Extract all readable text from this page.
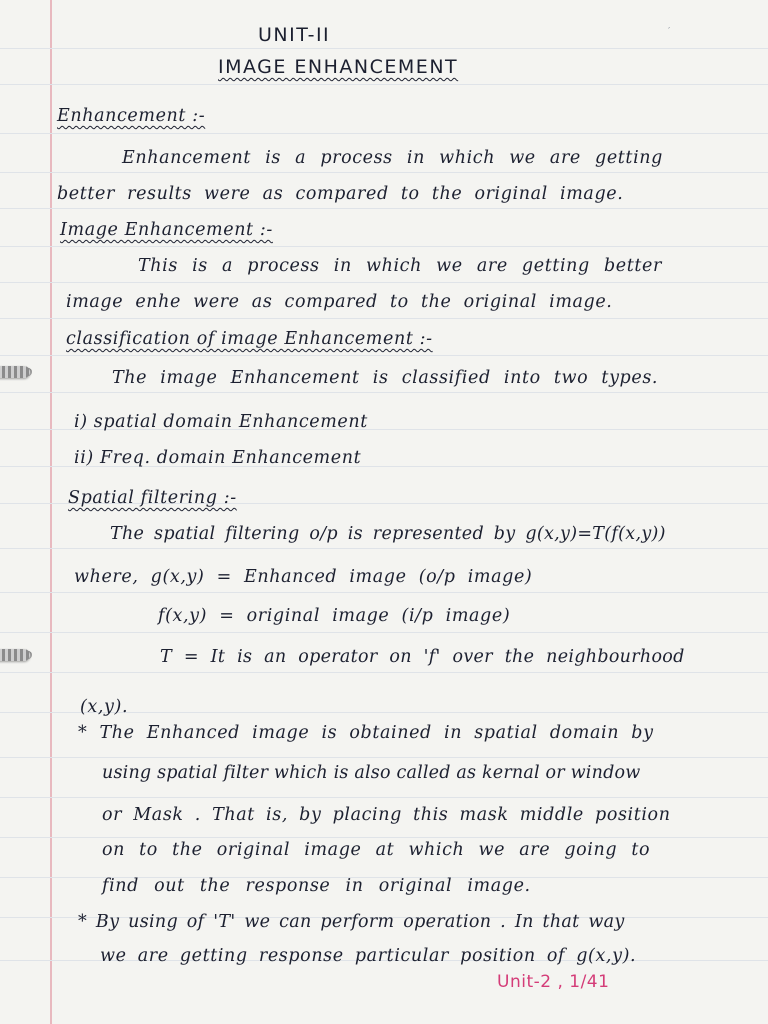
′
UNIT-II
IMAGE ENHANCEMENT
Enhancement :-
Enhancement is a process in which we are getting
better results were as compared to the original image.
Image Enhancement :-
This is a process in which we are getting better
image enhe were as compared to the original image.
classification of image Enhancement :-
The image Enhancement is classified into two types.
i) spatial domain Enhancement
ii) Freq. domain Enhancement
Spatial filtering :-
The spatial filtering o/p is represented by g(x,y)=T(f(x,y))
where, g(x,y) = Enhanced image (o/p image)
f(x,y) = original image (i/p image)
T = It is an operator on 'f' over the neighbourhood
(x,y).
* The Enhanced image is obtained in spatial domain by
using spatial filter which is also called as kernal or window
or Mask . That is, by placing this mask middle position
on to the original image at which we are going to
find out the response in original image.
* By using of 'T' we can perform operation . In that way
we are getting response particular position of g(x,y).
Unit-2 , 1/41
